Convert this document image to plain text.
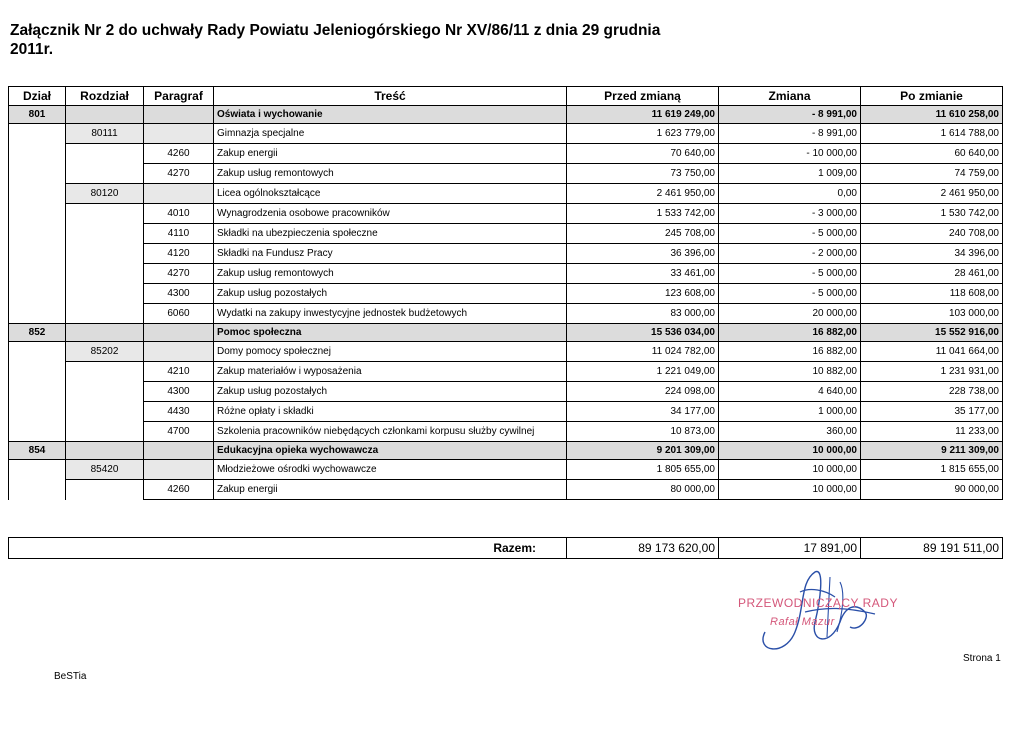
Załącznik Nr 2 do uchwały Rady Powiatu Jeleniogórskiego Nr XV/86/11 z dnia 29 grudnia 2011r.
Dział	Rozdział	Paragraf	Treść	Przed zmianą	Zmiana	Po zmianie
801			Oświata i wychowanie	11 619 249,00	- 8 991,00	11 610 258,00
	80111		Gimnazja specjalne	1 623 779,00	- 8 991,00	1 614 788,00
		4260	Zakup energii	70 640,00	- 10 000,00	60 640,00
		4270	Zakup usług remontowych	73 750,00	1 009,00	74 759,00
	80120		Licea ogólnokształcące	2 461 950,00	0,00	2 461 950,00
		4010	Wynagrodzenia osobowe pracowników	1 533 742,00	- 3 000,00	1 530 742,00
		4110	Składki na ubezpieczenia społeczne	245 708,00	- 5 000,00	240 708,00
		4120	Składki na Fundusz Pracy	36 396,00	- 2 000,00	34 396,00
		4270	Zakup usług remontowych	33 461,00	- 5 000,00	28 461,00
		4300	Zakup usług pozostałych	123 608,00	- 5 000,00	118 608,00
		6060	Wydatki na zakupy inwestycyjne jednostek budżetowych	83 000,00	20 000,00	103 000,00
852			Pomoc społeczna	15 536 034,00	16 882,00	15 552 916,00
	85202		Domy pomocy społecznej	11 024 782,00	16 882,00	11 041 664,00
		4210	Zakup materiałów i wyposażenia	1 221 049,00	10 882,00	1 231 931,00
		4300	Zakup usług pozostałych	224 098,00	4 640,00	228 738,00
		4430	Różne opłaty i składki	34 177,00	1 000,00	35 177,00
		4700	Szkolenia pracowników niebędących członkami korpusu służby cywilnej	10 873,00	360,00	11 233,00
854			Edukacyjna opieka wychowawcza	9 201 309,00	10 000,00	9 211 309,00
	85420		Młodzieżowe ośrodki wychowawcze	1 805 655,00	10 000,00	1 815 655,00
		4260	Zakup energii	80 000,00	10 000,00	90 000,00
Razem:	89 173 620,00	17 891,00	89 191 511,00
PRZEWODNICZĄCY RADY
Rafał Mazur
BeSTia
Strona 1
